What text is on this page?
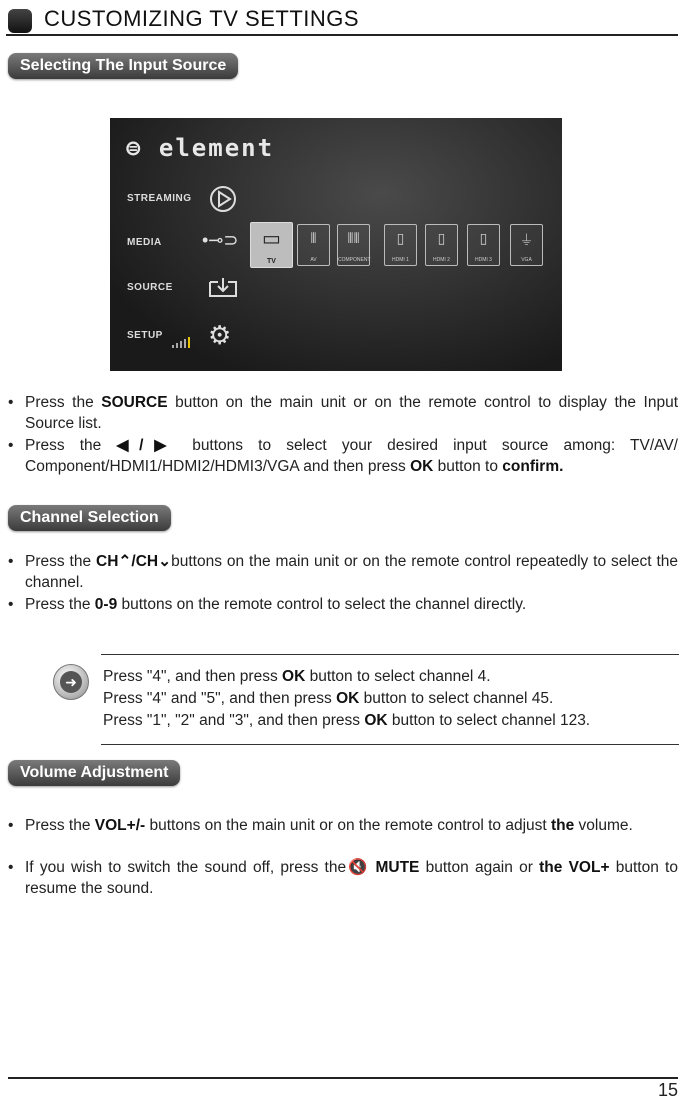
CUSTOMIZING TV SETTINGS
Selecting The Input Source
⊜ element
STREAMING
MEDIA •⊸⊃
SOURCE
SETUP ⚙
▭
TV
⦀
AV
⦀⦀
COMPONENT
▯
HDMI 1
▯
HDMI 2
▯
HDMI 3
⏚
VGA
• Press the SOURCE button on the main unit or on the remote control to display the Input Source list.
• Press the ◀/▶ buttons to select your desired input source among: TV/AV/ Component/HDMI1/HDMI2/HDMI3/VGA and then press OK button to confirm.
Channel Selection
• Press the CH⌃/CH⌄buttons on the main unit or on the remote control repeatedly to select the channel.
• Press the 0-9 buttons on the remote control to select the channel directly.
➜	Press "4", and then press OK button to select channel 4.
Press "4" and "5", and then press OK button to select channel 45.
Press "1", "2" and "3", and then press OK button to select channel 123.
Volume Adjustment
• Press the VOL+/- buttons on the main unit or on the remote control to adjust the volume.
• If you wish to switch the sound off, press the🔇 MUTE button again or the VOL+ button to resume the sound.
15
